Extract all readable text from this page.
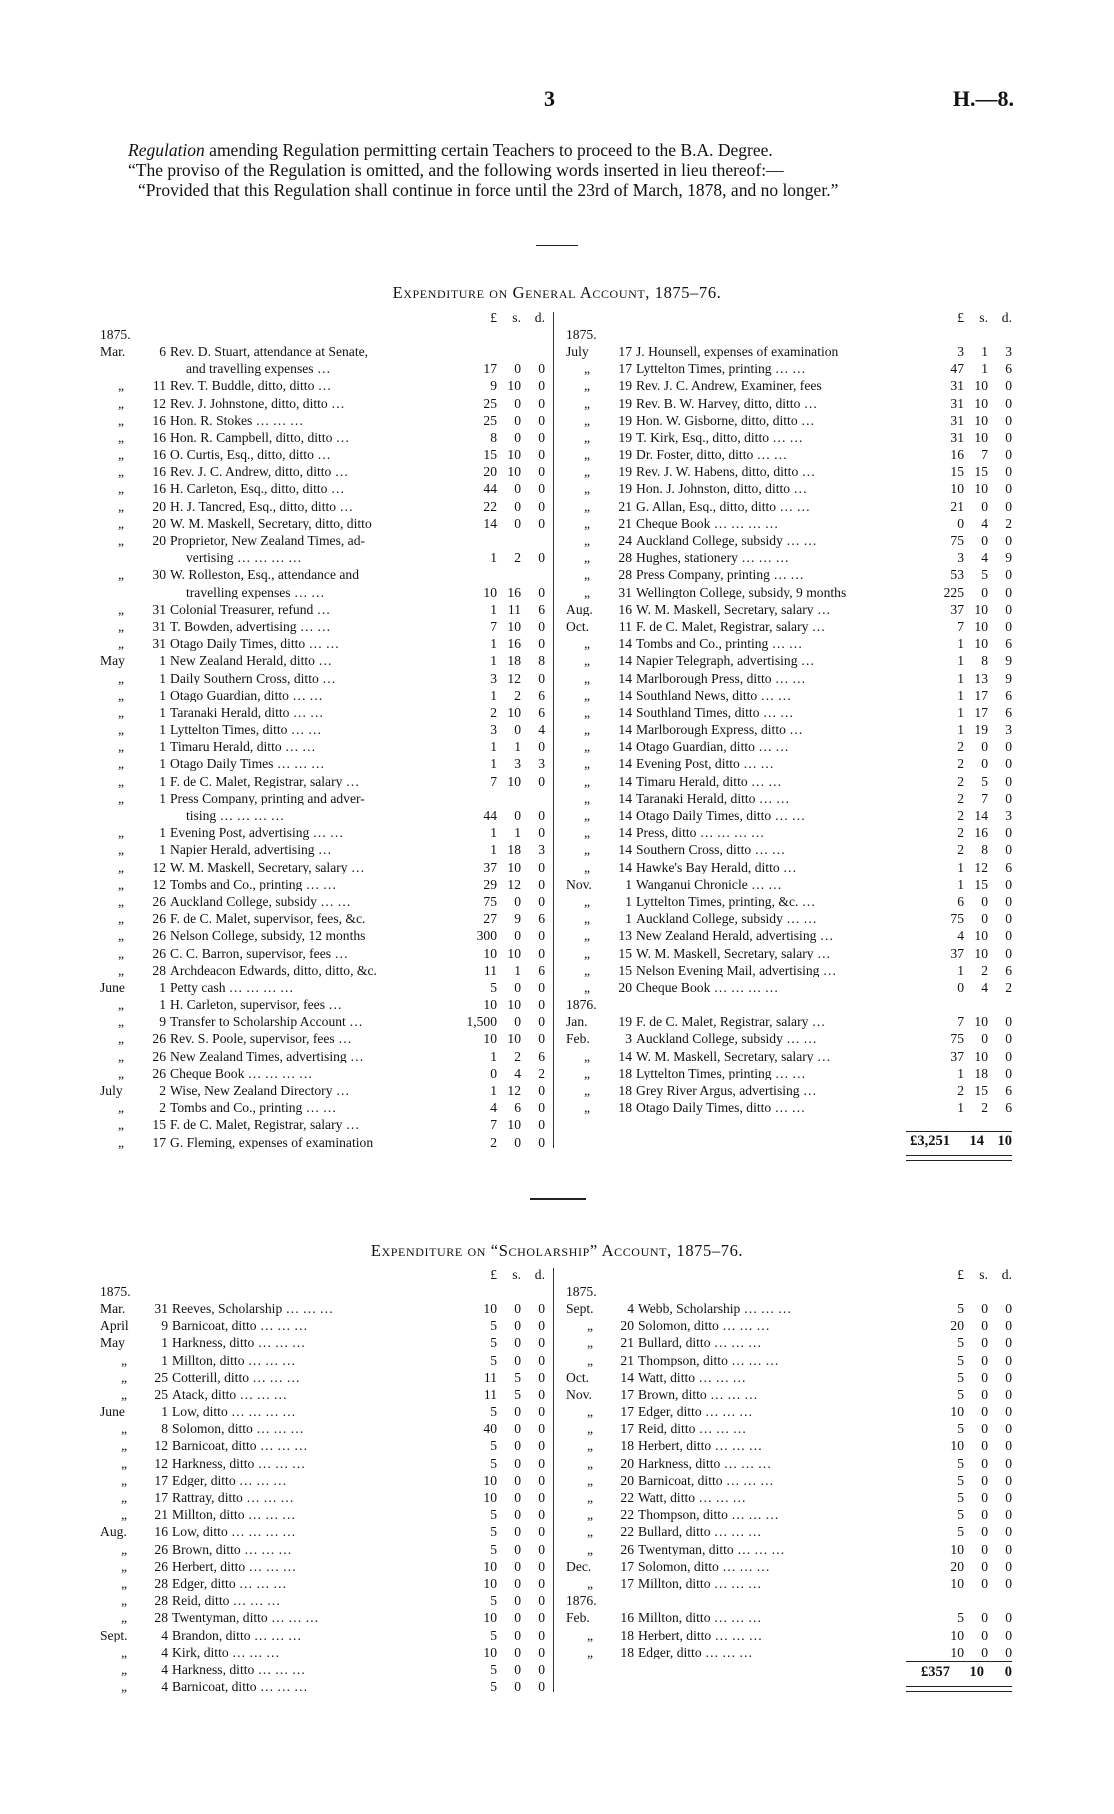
3	H.—8.

Regulation amending Regulation permitting certain Teachers to proceed to the B.A. Degree.

“The proviso of the Regulation is omitted, and the following words inserted in lieu thereof:—

“Provided that this Regulation shall continue in force until the 23rd of March, 1878, and no longer.”

Expenditure on General Account, 1875–76.
			£	s.	d.
1875.					
Mar.	6	Rev. D. Stuart, attendance at Senate,			
		and travelling expenses …	17	0	0
„	11	Rev. T. Buddle, ditto, ditto …	9	10	0
„	12	Rev. J. Johnstone, ditto, ditto …	25	0	0
„	16	Hon. R. Stokes … … …	25	0	0
„	16	Hon. R. Campbell, ditto, ditto …	8	0	0
„	16	O. Curtis, Esq., ditto, ditto …	15	10	0
„	16	Rev. J. C. Andrew, ditto, ditto …	20	10	0
„	16	H. Carleton, Esq., ditto, ditto …	44	0	0
„	20	H. J. Tancred, Esq., ditto, ditto …	22	0	0
„	20	W. M. Maskell, Secretary, ditto, ditto	14	0	0
„	20	Proprietor, New Zealand Times, ad-			
		vertising … … … …	1	2	0
„	30	W. Rolleston, Esq., attendance and			
		travelling expenses … …	10	16	0
„	31	Colonial Treasurer, refund …	1	11	6
„	31	T. Bowden, advertising … …	7	10	0
„	31	Otago Daily Times, ditto … …	1	16	0
May	1	New Zealand Herald, ditto …	1	18	8
„	1	Daily Southern Cross, ditto …	3	12	0
„	1	Otago Guardian, ditto … …	1	2	6
„	1	Taranaki Herald, ditto … …	2	10	6
„	1	Lyttelton Times, ditto … …	3	0	4
„	1	Timaru Herald, ditto … …	1	1	0
„	1	Otago Daily Times … … …	1	3	3
„	1	F. de C. Malet, Registrar, salary …	7	10	0
„	1	Press Company, printing and adver-			
		tising … … … …	44	0	0
„	1	Evening Post, advertising … …	1	1	0
„	1	Napier Herald, advertising …	1	18	3
„	12	W. M. Maskell, Secretary, salary …	37	10	0
„	12	Tombs and Co., printing … …	29	12	0
„	26	Auckland College, subsidy … …	75	0	0
„	26	F. de C. Malet, supervisor, fees, &c.	27	9	6
„	26	Nelson College, subsidy, 12 months	300	0	0
„	26	C. C. Barron, supervisor, fees …	10	10	0
„	28	Archdeacon Edwards, ditto, ditto, &c.	11	1	6
June	1	Petty cash … … … …	5	0	0
„	1	H. Carleton, supervisor, fees …	10	10	0
„	9	Transfer to Scholarship Account …	1,500	0	0
„	26	Rev. S. Poole, supervisor, fees …	10	10	0
„	26	New Zealand Times, advertising …	1	2	6
„	26	Cheque Book … … … …	0	4	2
July	2	Wise, New Zealand Directory …	1	12	0
„	2	Tombs and Co., printing … …	4	6	0
„	15	F. de C. Malet, Registrar, salary …	7	10	0
„	17	G. Fleming, expenses of examination	2	0	0
			£	s.	d.
1875.					
July	17	J. Hounsell, expenses of examination	3	1	3
„	17	Lyttelton Times, printing … …	47	1	6
„	19	Rev. J. C. Andrew, Examiner, fees	31	10	0
„	19	Rev. B. W. Harvey, ditto, ditto …	31	10	0
„	19	Hon. W. Gisborne, ditto, ditto …	31	10	0
„	19	T. Kirk, Esq., ditto, ditto … …	31	10	0
„	19	Dr. Foster, ditto, ditto … …	16	7	0
„	19	Rev. J. W. Habens, ditto, ditto …	15	15	0
„	19	Hon. J. Johnston, ditto, ditto …	10	10	0
„	21	G. Allan, Esq., ditto, ditto … …	21	0	0
„	21	Cheque Book … … … …	0	4	2
„	24	Auckland College, subsidy … …	75	0	0
„	28	Hughes, stationery … … …	3	4	9
„	28	Press Company, printing … …	53	5	0
„	31	Wellington College, subsidy, 9 months	225	0	0
Aug.	16	W. M. Maskell, Secretary, salary …	37	10	0
Oct.	11	F. de C. Malet, Registrar, salary …	7	10	0
„	14	Tombs and Co., printing … …	1	10	6
„	14	Napier Telegraph, advertising …	1	8	9
„	14	Marlborough Press, ditto … …	1	13	9
„	14	Southland News, ditto … …	1	17	6
„	14	Southland Times, ditto … …	1	17	6
„	14	Marlborough Express, ditto …	1	19	3
„	14	Otago Guardian, ditto … …	2	0	0
„	14	Evening Post, ditto … …	2	0	0
„	14	Timaru Herald, ditto … …	2	5	0
„	14	Taranaki Herald, ditto … …	2	7	0
„	14	Otago Daily Times, ditto … …	2	14	3
„	14	Press, ditto … … … …	2	16	0
„	14	Southern Cross, ditto … …	2	8	0
„	14	Hawke's Bay Herald, ditto …	1	12	6
Nov.	1	Wanganui Chronicle … …	1	15	0
„	1	Lyttelton Times, printing, &c. …	6	0	0
„	1	Auckland College, subsidy … …	75	0	0
„	13	New Zealand Herald, advertising …	4	10	0
„	15	W. M. Maskell, Secretary, salary …	37	10	0
„	15	Nelson Evening Mail, advertising …	1	2	6
„	20	Cheque Book … … … …	0	4	2
1876.					
Jan.	19	F. de C. Malet, Registrar, salary …	7	10	0
Feb.	3	Auckland College, subsidy … …	75	0	0
„	14	W. M. Maskell, Secretary, salary …	37	10	0
„	18	Lyttelton Times, printing … …	1	18	0
„	18	Grey River Argus, advertising …	2	15	6
„	18	Otago Daily Times, ditto … …	1	2	6
£3,251 14 10
Expenditure on “Scholarship” Account, 1875–76.
			£	s.	d.
1875.					
Mar.	31	Reeves, Scholarship … … …	10	0	0
April	9	Barnicoat, ditto … … …	5	0	0
May	1	Harkness, ditto … … …	5	0	0
„	1	Millton, ditto … … …	5	0	0
„	25	Cotterill, ditto … … …	11	5	0
„	25	Atack, ditto … … …	11	5	0
June	1	Low, ditto … … … …	5	0	0
„	8	Solomon, ditto … … …	40	0	0
„	12	Barnicoat, ditto … … …	5	0	0
„	12	Harkness, ditto … … …	5	0	0
„	17	Edger, ditto … … …	10	0	0
„	17	Rattray, ditto … … …	10	0	0
„	21	Millton, ditto … … …	5	0	0
Aug.	16	Low, ditto … … … …	5	0	0
„	26	Brown, ditto … … …	5	0	0
„	26	Herbert, ditto … … …	10	0	0
„	28	Edger, ditto … … …	10	0	0
„	28	Reid, ditto … … …	5	0	0
„	28	Twentyman, ditto … … …	10	0	0
Sept.	4	Brandon, ditto … … …	5	0	0
„	4	Kirk, ditto … … …	10	0	0
„	4	Harkness, ditto … … …	5	0	0
„	4	Barnicoat, ditto … … …	5	0	0
			£	s.	d.
1875.					
Sept.	4	Webb, Scholarship … … …	5	0	0
„	20	Solomon, ditto … … …	20	0	0
„	21	Bullard, ditto … … …	5	0	0
„	21	Thompson, ditto … … …	5	0	0
Oct.	14	Watt, ditto … … …	5	0	0
Nov.	17	Brown, ditto … … …	5	0	0
„	17	Edger, ditto … … …	10	0	0
„	17	Reid, ditto … … …	5	0	0
„	18	Herbert, ditto … … …	10	0	0
„	20	Harkness, ditto … … …	5	0	0
„	20	Barnicoat, ditto … … …	5	0	0
„	22	Watt, ditto … … …	5	0	0
„	22	Thompson, ditto … … …	5	0	0
„	22	Bullard, ditto … … …	5	0	0
„	26	Twentyman, ditto … … …	10	0	0
Dec.	17	Solomon, ditto … … …	20	0	0
„	17	Millton, ditto … … …	10	0	0
1876.					
Feb.	16	Millton, ditto … … …	5	0	0
„	18	Herbert, ditto … … …	10	0	0
„	18	Edger, ditto … … …	10	0	0
£357 10 0
